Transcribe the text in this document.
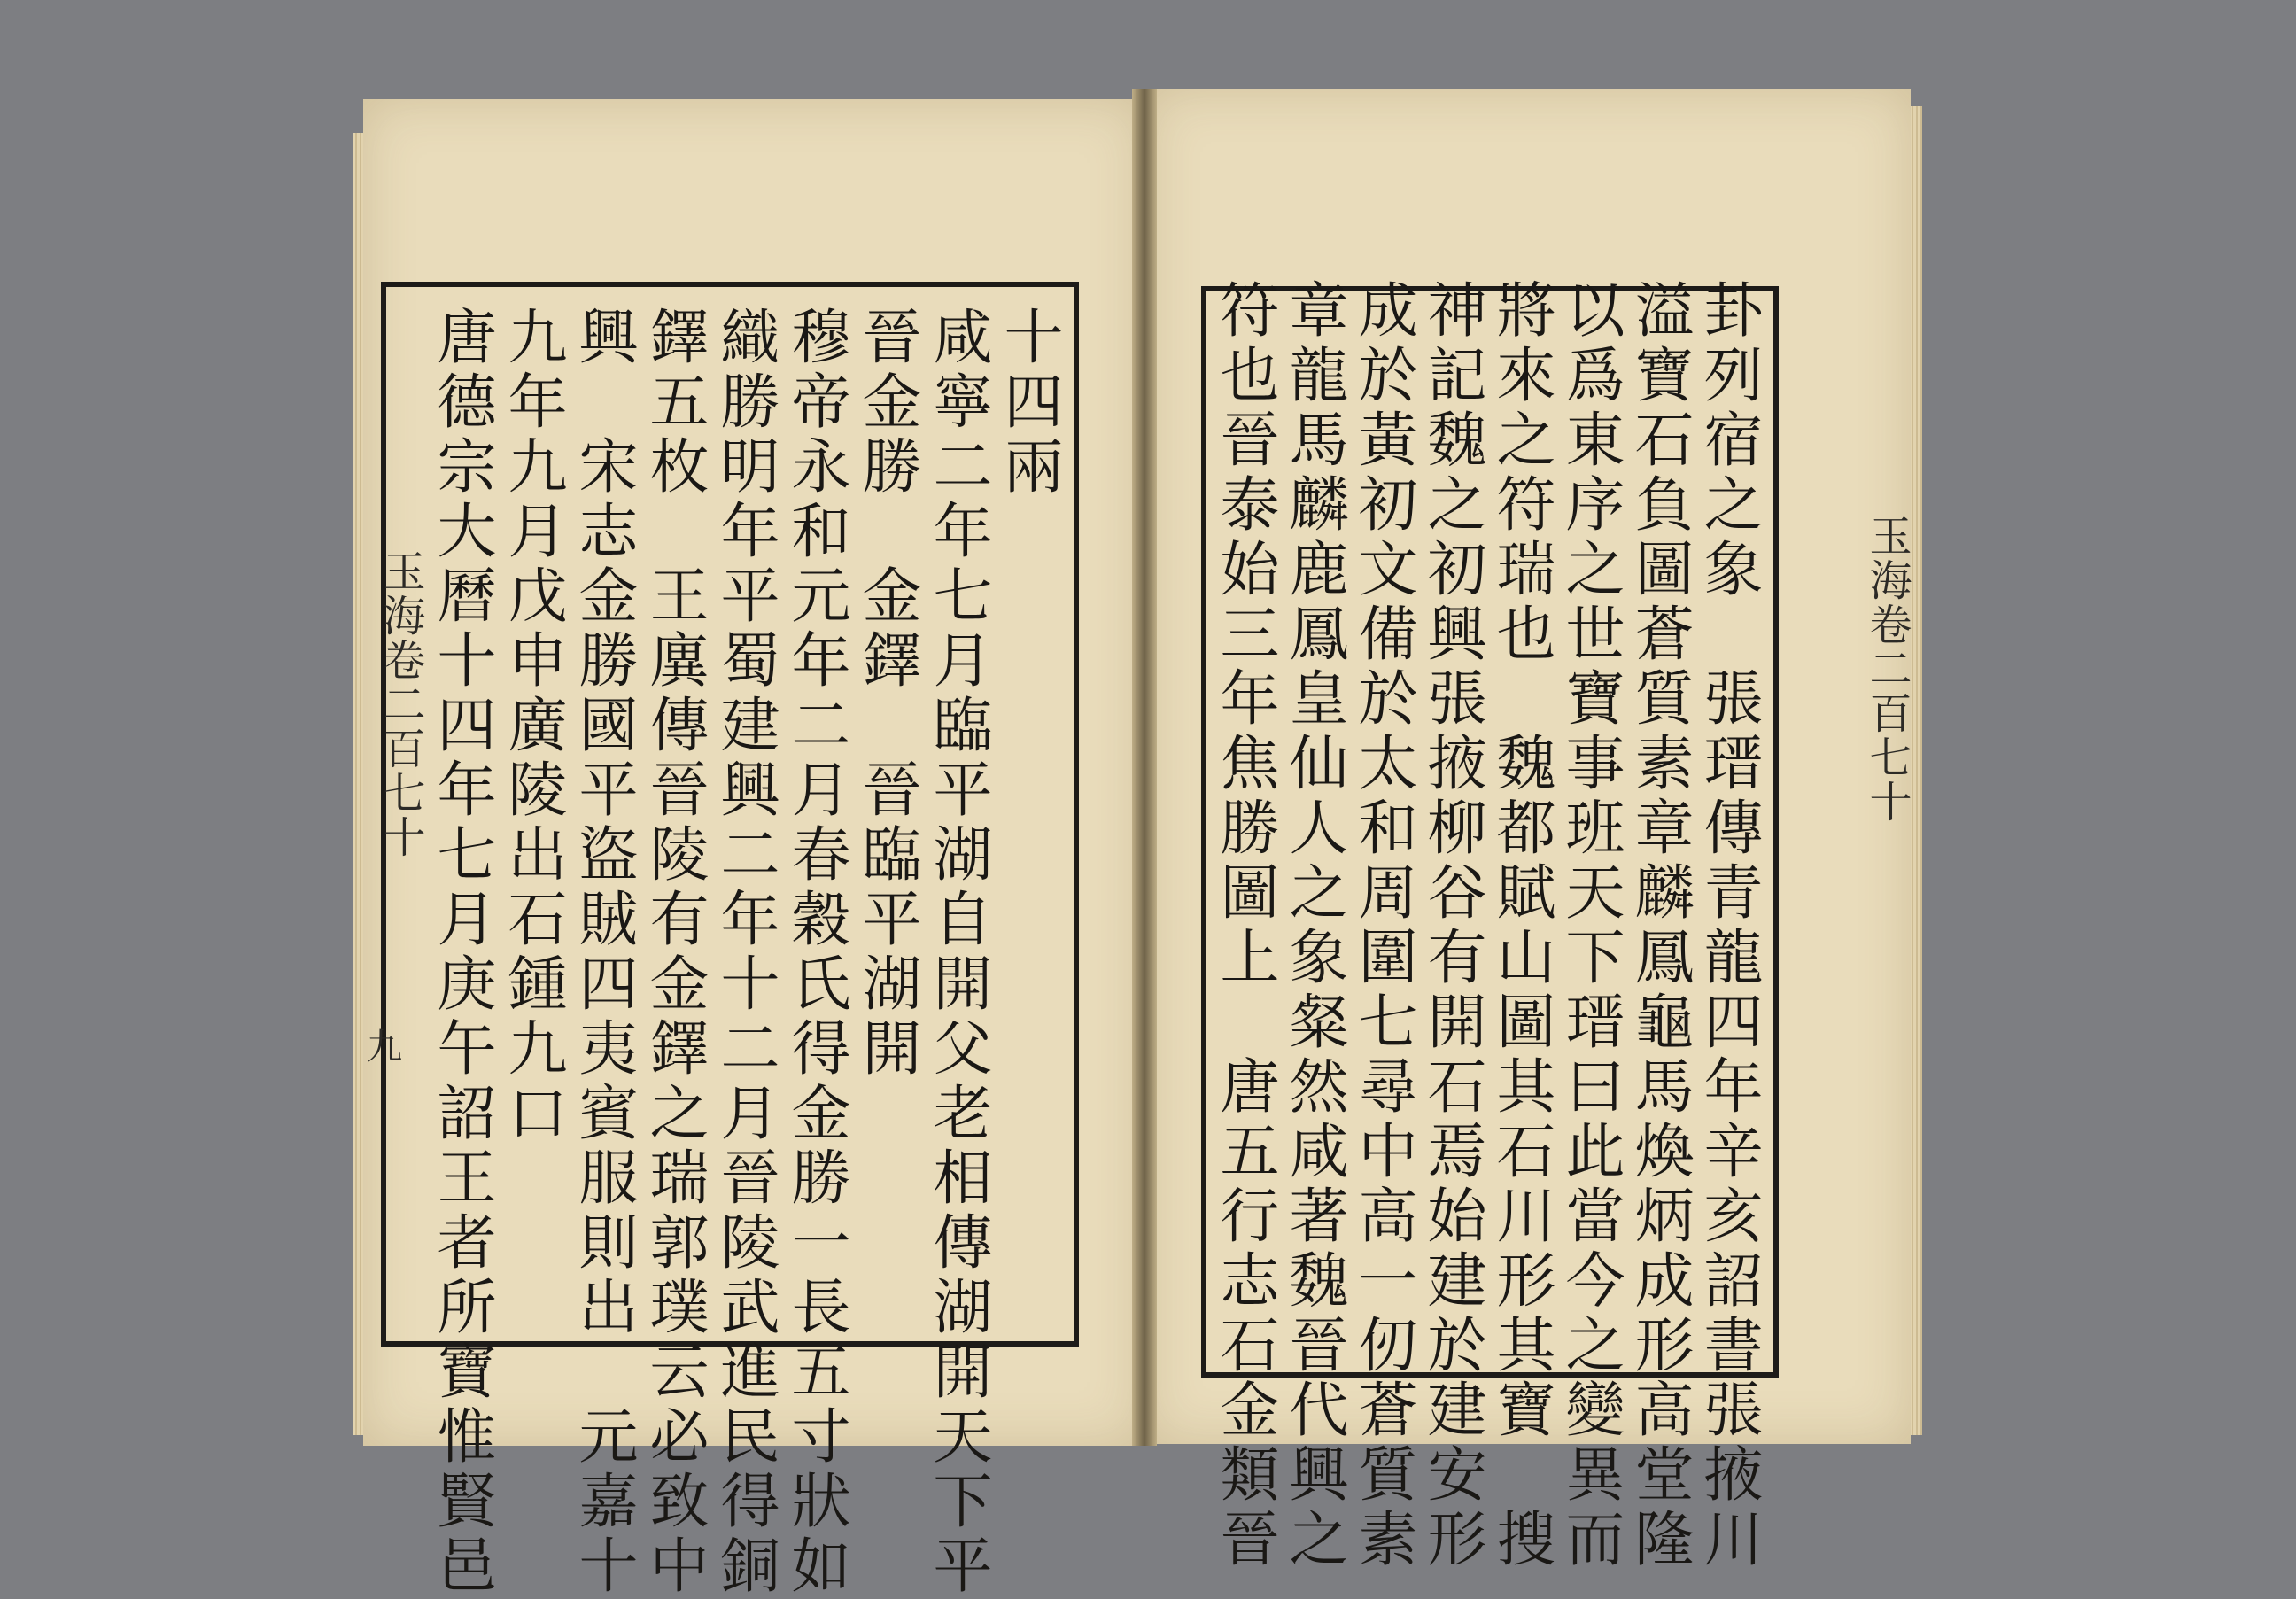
玉海卷二百七十
九
玉海卷二百七十
十四兩
咸寧二年七月臨平湖自開父老相傳湖開天下平
晉金勝　金鐸　晉臨平湖開
穆帝永和元年二月春穀氏得金勝一長五寸狀如
織勝明年平蜀建興二年十二月晉陵武進民得銅
鐸五枚　王廙傳晉陵有金鐸之瑞郭璞云必致中
興　宋志金勝國平盜賊四夷賓服則出　元嘉十
九年九月戊申廣陵出石鍾九口
唐德宗大曆十四年七月庚午詔王者所寶惟賢邑	卦列宿之象　張瑨傳青龍四年辛亥詔書張掖川
溢寶石負圖蒼質素章麟鳳龜馬煥炳成形高堂隆
以爲東序之世寶事班天下瑨曰此當今之變異而
將來之符瑞也　魏都賦山圖其石川形其寶　搜
神記魏之初興張掖柳谷有開石焉始建於建安形
成於黃初文備於太和周圍七尋中高一仞蒼質素
章龍馬麟鹿鳳皇仙人之象粲然咸著魏晉代興之
符也晉泰始三年焦勝圖上　唐五行志石金類晉
